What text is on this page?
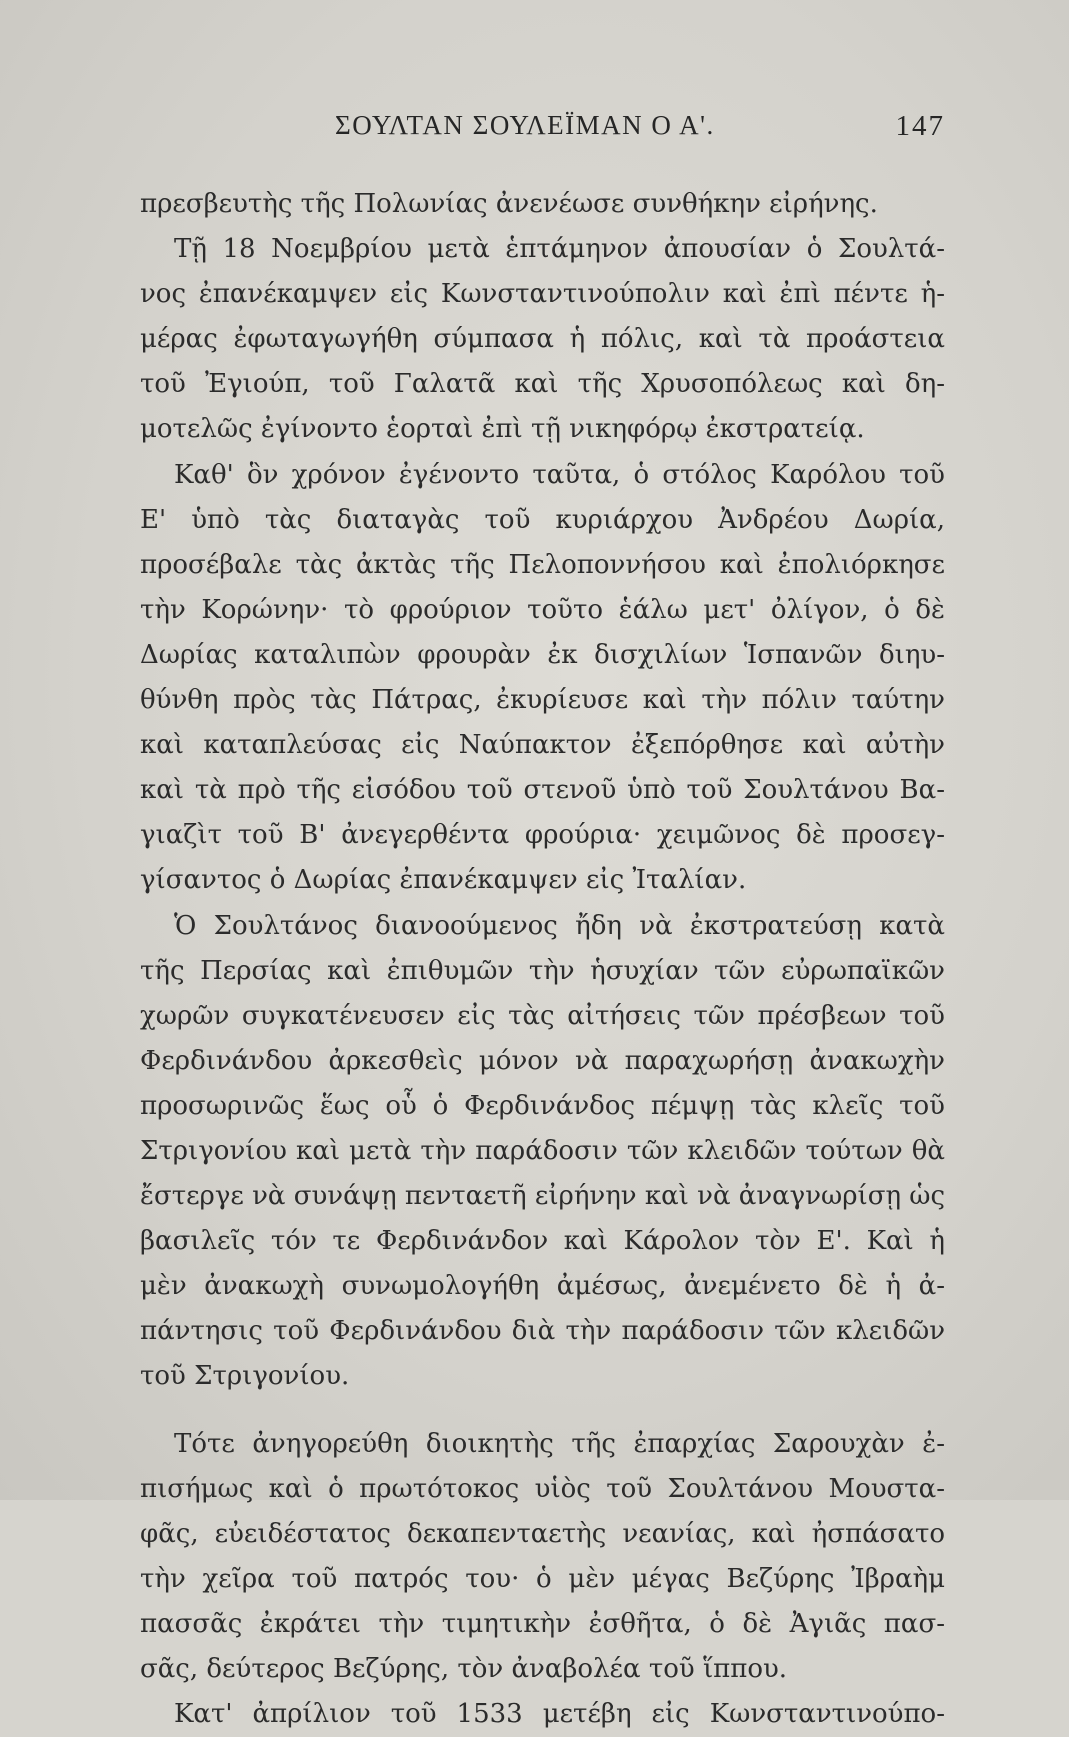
ΣΟΥΛΤΑΝ ΣΟΥΛΕΪΜΑΝ Ο Α'.	147
πρεσβευτὴς τῆς Πολωνίας ἀνενέωσε συνθήκην εἰρήνης.
Τῇ 18 Νοεμβρίου μετὰ ἑπτάμηνον ἀπουσίαν ὁ Σουλτά-
νος ἐπανέκαμψεν εἰς Κωνσταντινούπολιν καὶ ἐπὶ πέντε ἡ-
μέρας ἐφωταγωγήθη σύμπασα ἡ πόλις, καὶ τὰ προάστεια
τοῦ Ἐγιούπ, τοῦ Γαλατᾶ καὶ τῆς Χρυσοπόλεως καὶ δη-
μοτελῶς ἐγίνοντο ἑορταὶ ἐπὶ τῇ νικηφόρῳ ἐκστρατείᾳ.
Καθ' ὃν χρόνον ἐγένοντο ταῦτα, ὁ στόλος Καρόλου τοῦ
Ε' ὑπὸ τὰς διαταγὰς τοῦ κυριάρχου Ἀνδρέου Δωρία,
προσέβαλε τὰς ἀκτὰς τῆς Πελοποννήσου καὶ ἐπολιόρκησε
τὴν Κορώνην· τὸ φρούριον τοῦτο ἑάλω μετ' ὀλίγον, ὁ δὲ
Δωρίας καταλιπὼν φρουρὰν ἐκ δισχιλίων Ἱσπανῶν διηυ-
θύνθη πρὸς τὰς Πάτρας, ἐκυρίευσε καὶ τὴν πόλιν ταύτην
καὶ καταπλεύσας εἰς Ναύπακτον ἐξεπόρθησε καὶ αὐτὴν
καὶ τὰ πρὸ τῆς εἰσόδου τοῦ στενοῦ ὑπὸ τοῦ Σουλτάνου Βα-
γιαζὶτ τοῦ Β' ἀνεγερθέντα φρούρια· χειμῶνος δὲ προσεγ-
γίσαντος ὁ Δωρίας ἐπανέκαμψεν εἰς Ἰταλίαν.
Ὁ Σουλτάνος διανοούμενος ἤδη νὰ ἐκστρατεύσῃ κατὰ
τῆς Περσίας καὶ ἐπιθυμῶν τὴν ἡσυχίαν τῶν εὐρωπαϊκῶν
χωρῶν συγκατένευσεν εἰς τὰς αἰτήσεις τῶν πρέσβεων τοῦ
Φερδινάνδου ἀρκεσθεὶς μόνον νὰ παραχωρήσῃ ἀνακωχὴν
προσωρινῶς ἕως οὗ ὁ Φερδινάνδος πέμψῃ τὰς κλεῖς τοῦ
Στριγονίου καὶ μετὰ τὴν παράδοσιν τῶν κλειδῶν τούτων θὰ
ἔστεργε νὰ συνάψῃ πενταετῆ εἰρήνην καὶ νὰ ἀναγνωρίσῃ ὡς
βασιλεῖς τόν τε Φερδινάνδον καὶ Κάρολον τὸν Ε'. Καὶ ἡ
μὲν ἀνακωχὴ συνωμολογήθη ἀμέσως, ἀνεμένετο δὲ ἡ ἀ-
πάντησις τοῦ Φερδινάνδου διὰ τὴν παράδοσιν τῶν κλειδῶν
τοῦ Στριγονίου.
Τότε ἀνηγορεύθη διοικητὴς τῆς ἐπαρχίας Σαρουχὰν ἐ-
πισήμως καὶ ὁ πρωτότοκος υἱὸς τοῦ Σουλτάνου Μουστα-
φᾶς, εὐειδέστατος δεκαπενταετὴς νεανίας, καὶ ἠσπάσατο
τὴν χεῖρα τοῦ πατρός του· ὁ μὲν μέγας Βεζύρης Ἰβραὴμ
πασσᾶς ἐκράτει τὴν τιμητικὴν ἐσθῆτα, ὁ δὲ Ἀγιᾶς πασ-
σᾶς, δεύτερος Βεζύρης, τὸν ἀναβολέα τοῦ ἵππου.
Κατ' ἀπρίλιον τοῦ 1533 μετέβη εἰς Κωνσταντινούπο-
